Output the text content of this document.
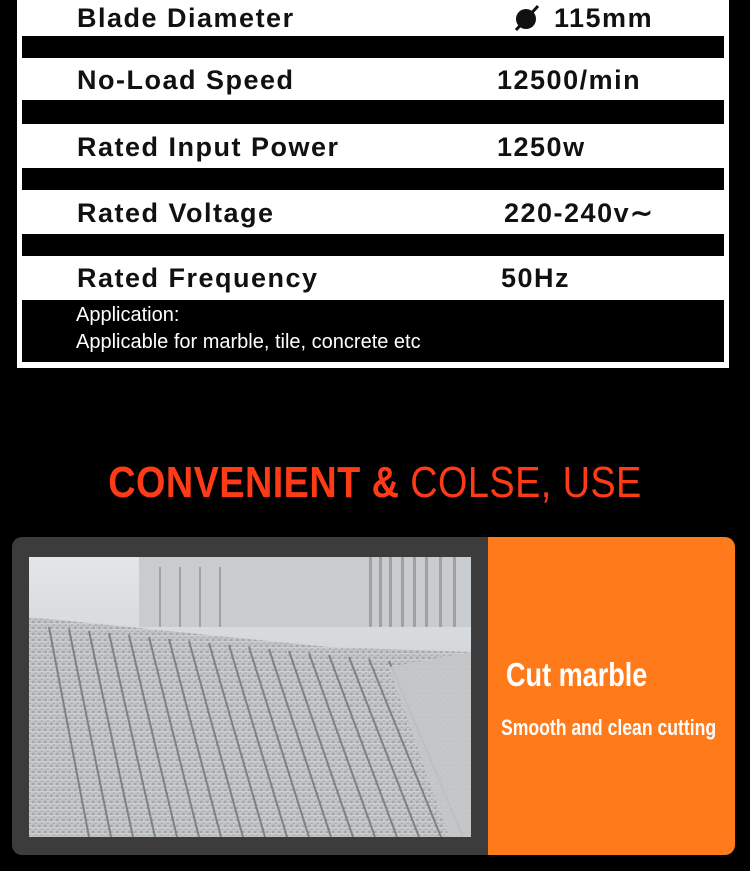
Blade Diameter	115mm
No-Load Speed	12500/min
Rated Input Power	1250w
Rated Voltage	220-240v∼
Rated Frequency	50Hz
Application:
Applicable for marble, tile, concrete etc
CONVENIENT & COLSE, USE
Cut marble
Smooth and clean cutting
